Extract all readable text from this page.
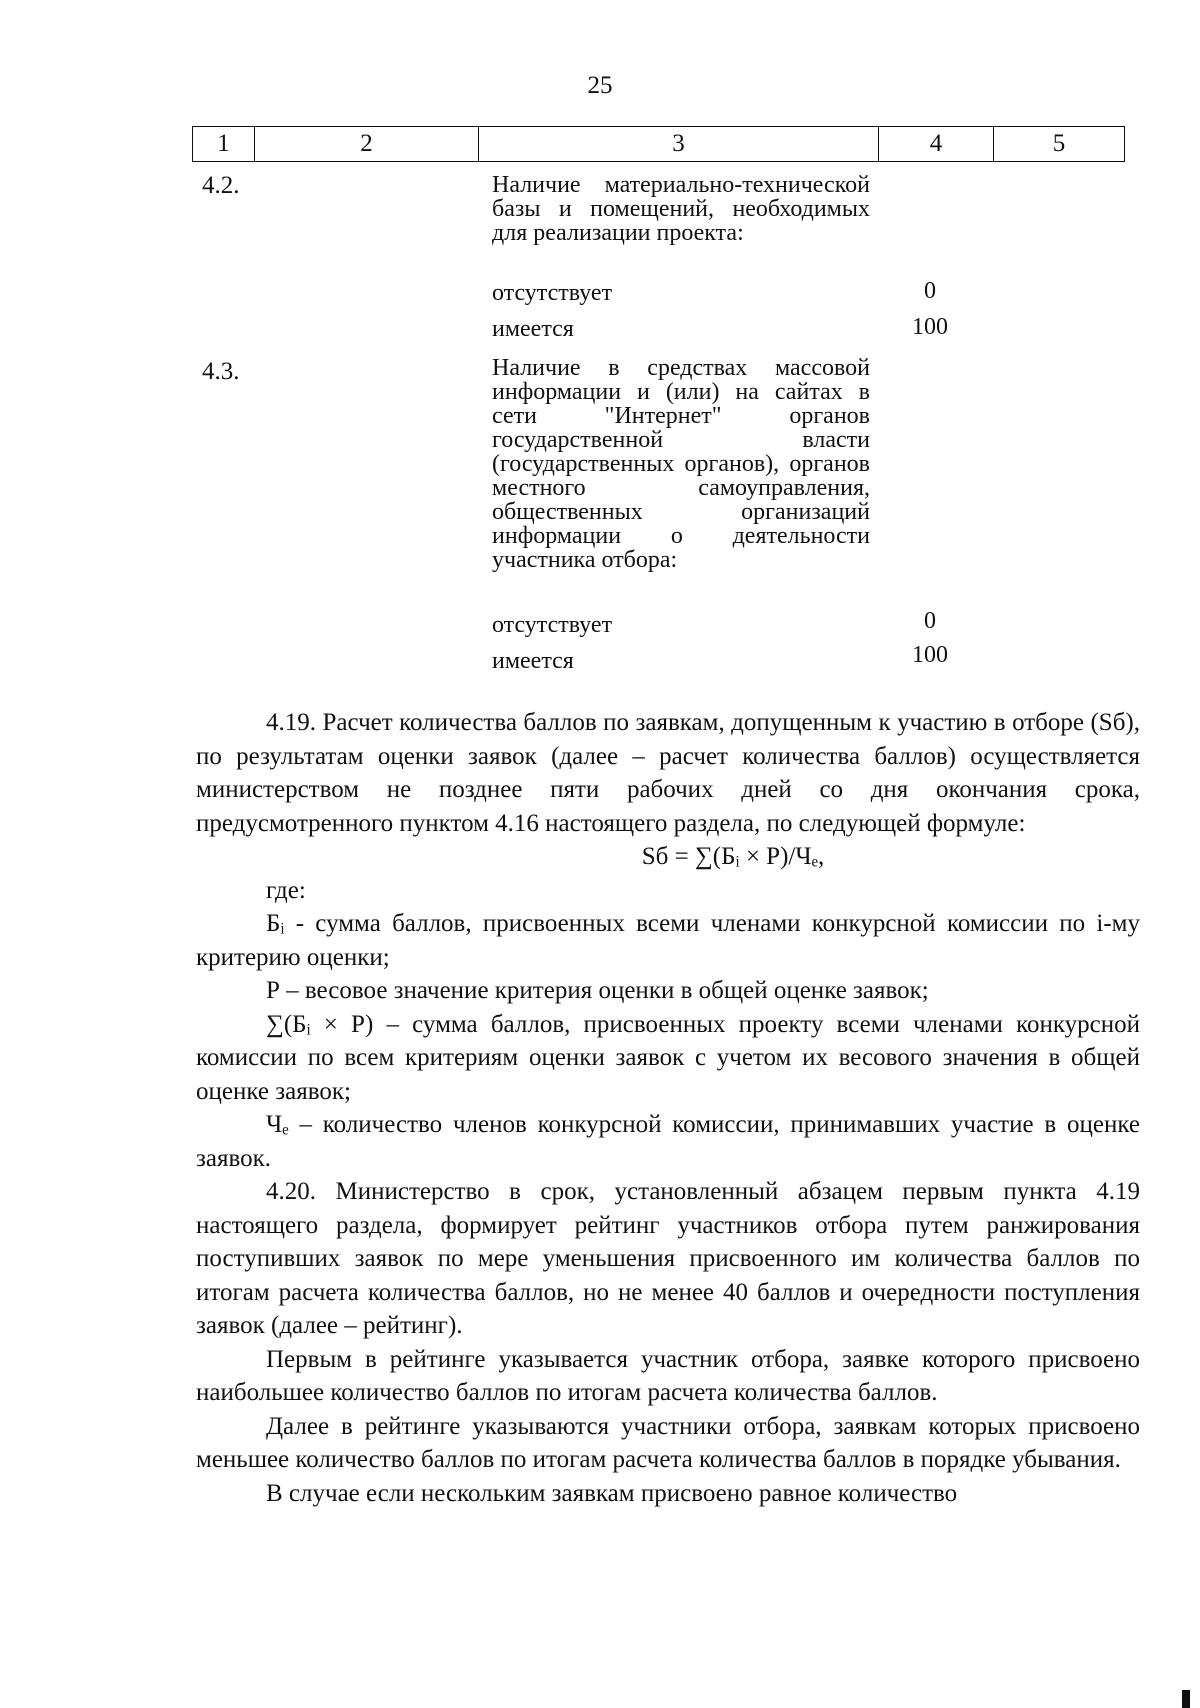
25
1	2	3	4	5
4.2.	Наличие материально-технической базы и помещений, необходимых для реализации проекта:
отсутствует	0
имеется	100
4.3.	Наличие в средствах массовой информации и (или) на сайтах в сети "Интернет" органов государственной власти (государственных органов), органов местного самоуправления, общественных организаций информации о деятельности участника отбора:
отсутствует	0
имеется	100

4.19. Расчет количества баллов по заявкам, допущенным к участию в отборе (Sб), по результатам оценки заявок (далее – расчет количества баллов) осуществляется министерством не позднее пяти рабочих дней со дня окончания срока, предусмотренного пунктом 4.16 настоящего раздела, по следующей формуле:

Sб = ∑(Бᵢ × Р)/Чₑ,

где:

Бᵢ - сумма баллов, присвоенных всеми членами конкурсной комиссии по i-му критерию оценки;

Р – весовое значение критерия оценки в общей оценке заявок;

∑(Бᵢ × Р) – сумма баллов, присвоенных проекту всеми членами конкурсной комиссии по всем критериям оценки заявок с учетом их весового значения в общей оценке заявок;

Чₑ – количество членов конкурсной комиссии, принимавших участие в оценке заявок.

4.20. Министерство в срок, установленный абзацем первым пункта 4.19 настоящего раздела, формирует рейтинг участников отбора путем ранжирования поступивших заявок по мере уменьшения присвоенного им количества баллов по итогам расчета количества баллов, но не менее 40 баллов и очередности поступления заявок (далее – рейтинг).

Первым в рейтинге указывается участник отбора, заявке которого присвоено наибольшее количество баллов по итогам расчета количества баллов.

Далее в рейтинге указываются участники отбора, заявкам которых присвоено меньшее количество баллов по итогам расчета количества баллов в порядке убывания.

В случае если нескольким заявкам присвоено равное количество
